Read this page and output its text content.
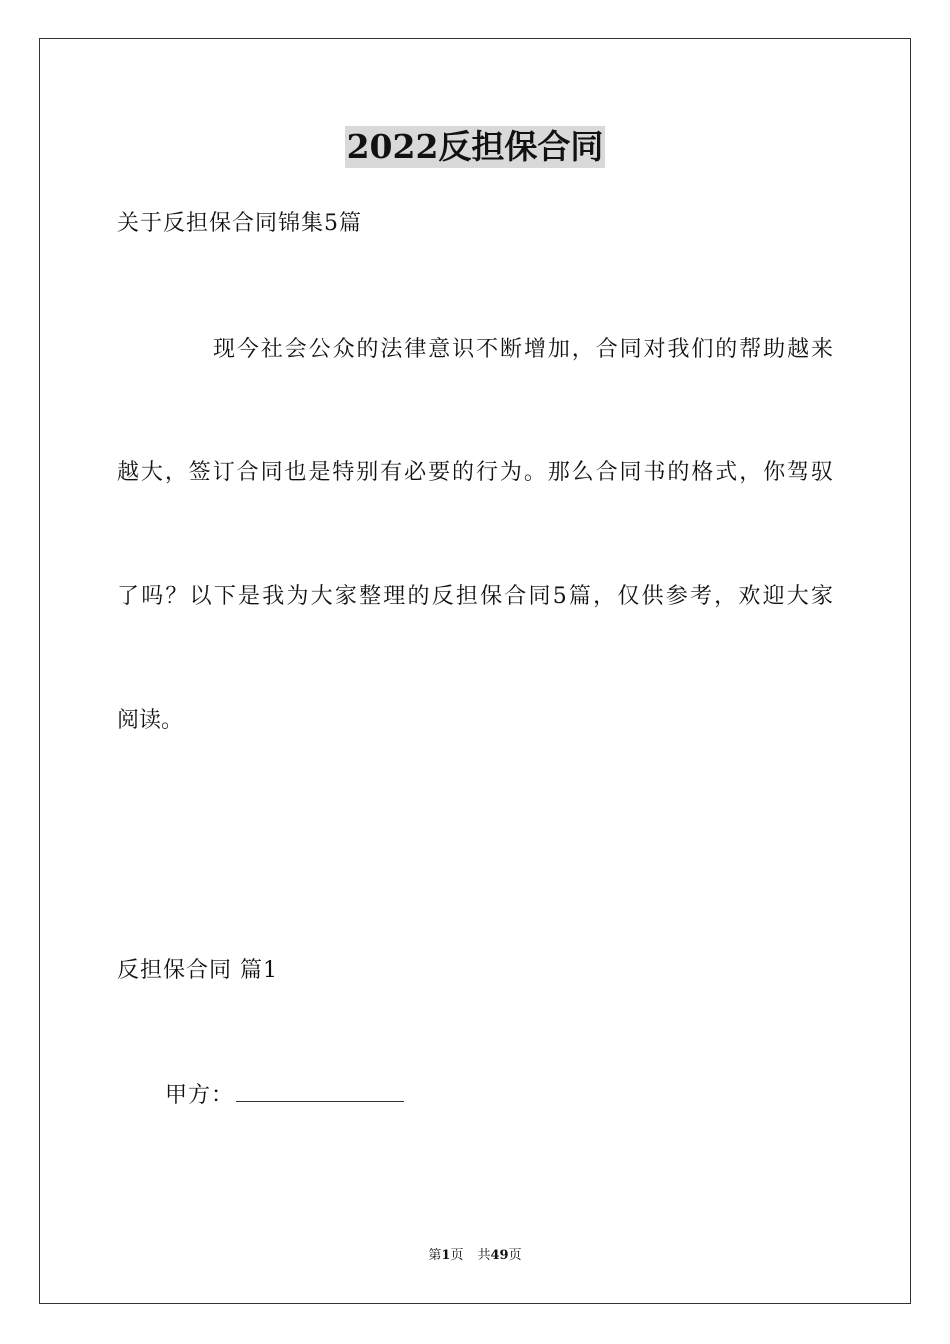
2022反担保合同
关于反担保合同锦集5篇
现今社会公众的法律意识不断增加，合同对我们的帮助越来
越大，签订合同也是特别有必要的行为。那么合同书的格式，你驾驭
了吗？以下是我为大家整理的反担保合同5篇，仅供参考，欢迎大家
阅读。
反担保合同 篇1
甲方：
第1页 共49页
